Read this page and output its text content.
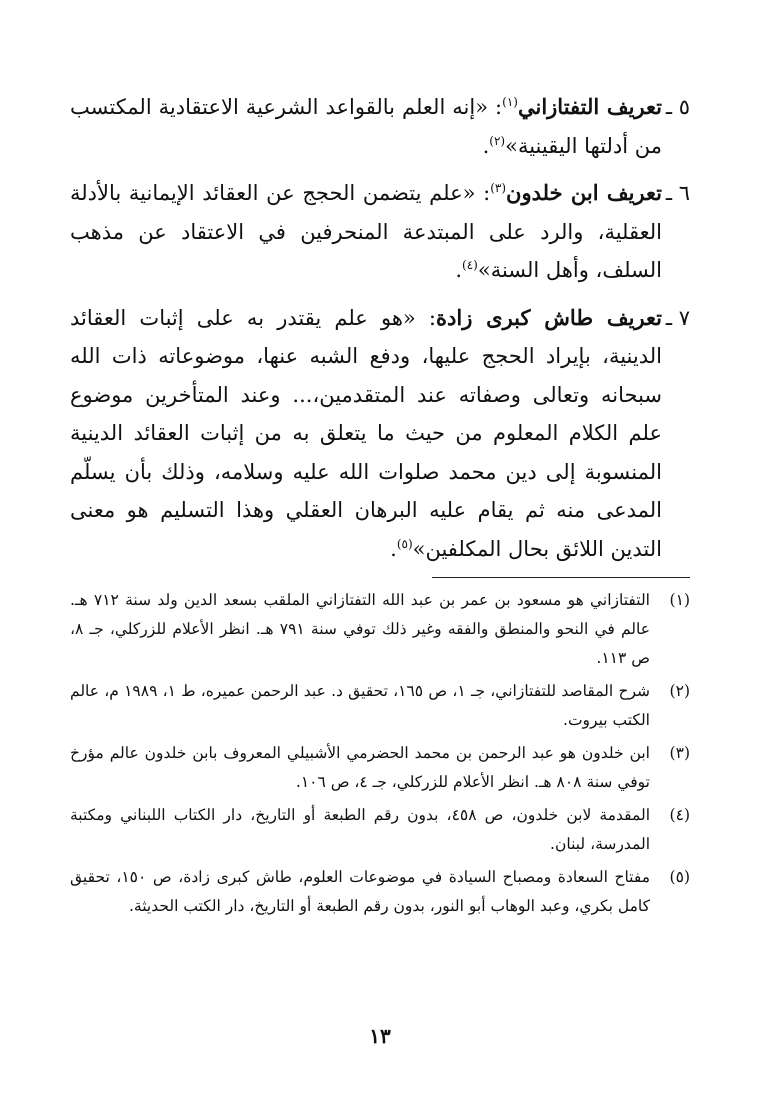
٥ ـ
تعريف التفتازاني$^{(١)}$: «إنه العلم بالقواعد الشرعية الاعتقادية المكتسب من أدلتها اليقينية»$^{(٢)}$.
٦ ـ
تعريف ابن خلدون$^{(٣)}$: «علم يتضمن الحجج عن العقائد الإيمانية بالأدلة العقلية، والرد على المبتدعة المنحرفين في الاعتقاد عن مذهب السلف، وأهل السنة»$^{(٤)}$.
٧ ـ
تعريف طاش كبرى زادة: «هو علم يقتدر به على إثبات العقائد الدينية، بإيراد الحجج عليها، ودفع الشبه عنها، موضوعاته ذات الله سبحانه وتعالى وصفاته عند المتقدمين،... وعند المتأخرين موضوع علم الكلام المعلوم من حيث ما يتعلق به من إثبات العقائد الدينية المنسوبة إلى دين محمد صلوات الله عليه وسلامه، وذلك بأن يسلّم المدعى منه ثم يقام عليه البرهان العقلي وهذا التسليم هو معنى التدين اللائق بحال المكلفين»$^{(٥)}$.
(١)
التفتازاني هو مسعود بن عمر بن عبد الله التفتازاني الملقب بسعد الدين ولد سنة ٧١٢ هـ. عالم في النحو والمنطق والفقه وغير ذلك توفي سنة ٧٩١ هـ. انظر الأعلام للزركلي، جـ ٨، ص ١١٣.
(٢)
شرح المقاصد للتفتازاني، جـ ١، ص ١٦٥، تحقيق د. عبد الرحمن عميره، ط ١، ١٩٨٩ م، عالم الكتب بيروت.
(٣)
ابن خلدون هو عبد الرحمن بن محمد الحضرمي الأشبيلي المعروف بابن خلدون عالم مؤرخ توفي سنة ٨٠٨ هـ. انظر الأعلام للزركلي، جـ ٤، ص ١٠٦.
(٤)
المقدمة لابن خلدون، ص ٤٥٨، بدون رقم الطبعة أو التاريخ، دار الكتاب اللبناني ومكتبة المدرسة، لبنان.
(٥)
مفتاح السعادة ومصباح السيادة في موضوعات العلوم، طاش كبرى زادة، ص ١٥٠، تحقيق كامل بكري، وعبد الوهاب أبو النور، بدون رقم الطبعة أو التاريخ، دار الكتب الحديثة.
١٣
